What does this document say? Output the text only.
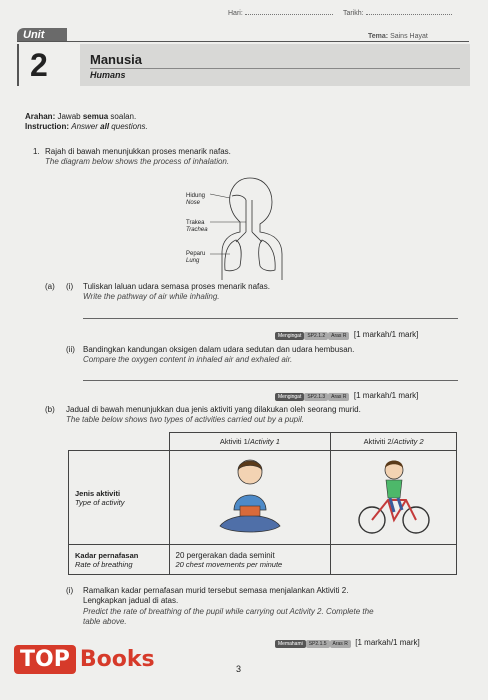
Hari:	Tarikh:
Tema: Sains Hayat
Unit
2	Manusia
Humans
Arahan: Jawab semua soalan.
Instruction: Answer all questions.
1. Rajah di bawah menunjukkan proses menarik nafas.
The diagram below shows the process of inhalation.
Hidung
Nose
Trakea
Trachea
Peparu
Lung
(a) (i) Tuliskan laluan udara semasa proses menarik nafas.
Write the pathway of air while inhaling.
Mengingat SP2.1.2 Aras R [1 markah/1 mark]
(ii) Bandingkan kandungan oksigen dalam udara sedutan dan udara hembusan.
Compare the oxygen content in inhaled air and exhaled air.
Mengingat SP2.1.3 Aras R [1 markah/1 mark]
(b) Jadual di bawah menunjukkan dua jenis aktiviti yang dilakukan oleh seorang murid.
The table below shows two types of activities carried out by a pupil.
	Aktiviti 1/Activity 1	Aktiviti 2/Activity 2
Jenis aktiviti
Type of activity		
Kadar pernafasan
Rate of breathing	20 pergerakan dada seminit
20 chest movements per minute	
(i) Ramalkan kadar pernafasan murid tersebut semasa menjalankan Aktiviti 2.
Lengkapkan jadual di atas.
Predict the rate of breathing of the pupil while carrying out Activity 2. Complete the
table above.
Memahami SP2.1.5 Aras R [1 markah/1 mark]
3
TOP Books
